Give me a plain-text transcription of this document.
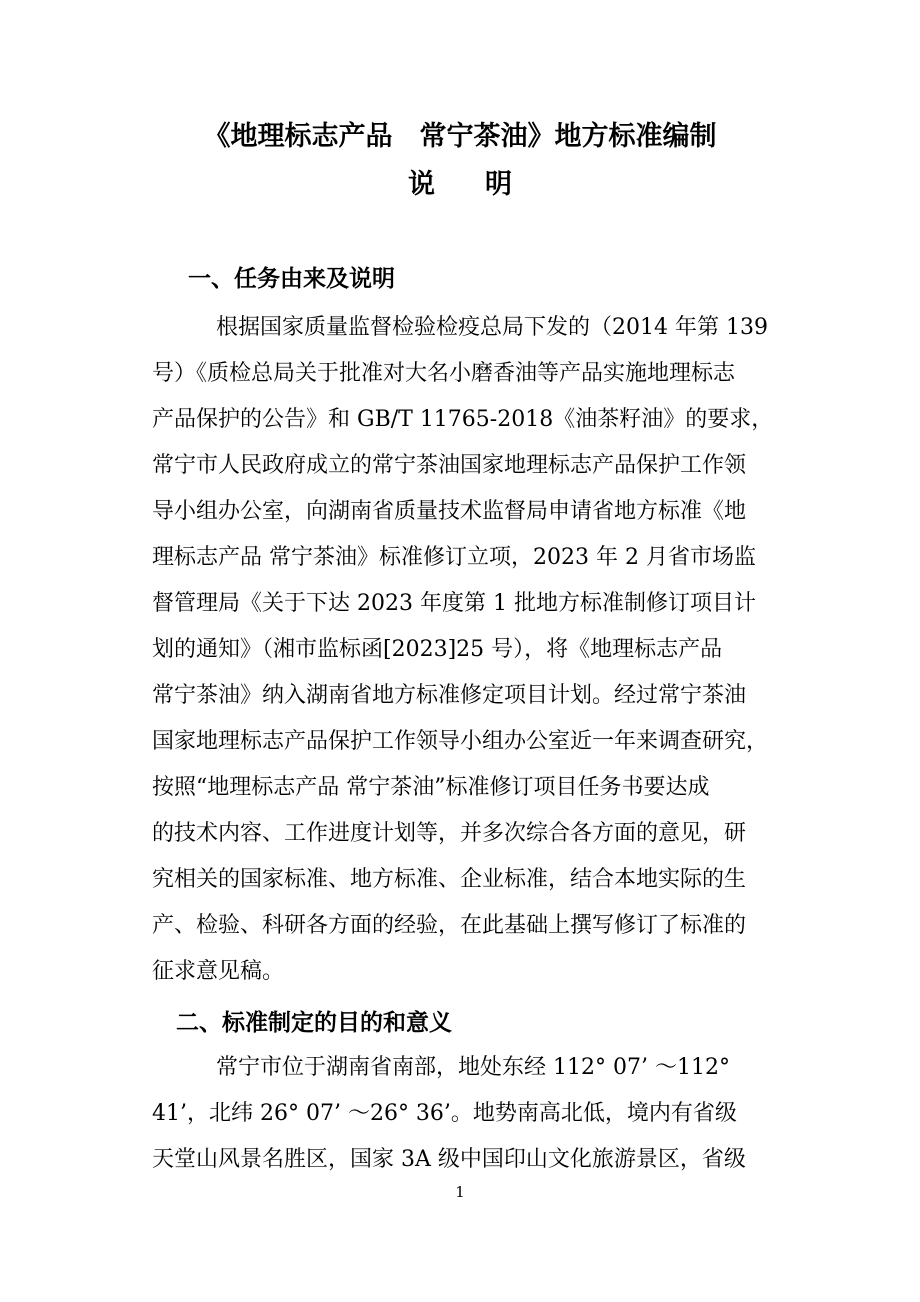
《地理标志产品　常宁茶油》地方标准编制
说 明
一、任务由来及说明
根据国家质量监督检验检疫总局下发的（2014 年第 139
号）《质检总局关于批准对大名小磨香油等产品实施地理标志
产品保护的公告》和 GB/T 11765-2018《油茶籽油》的要求，
常宁市人民政府成立的常宁茶油国家地理标志产品保护工作领
导小组办公室，向湖南省质量技术监督局申请省地方标准《地
理标志产品 常宁茶油》标准修订立项，2023 年 2 月省市场监
督管理局《关于下达 2023 年度第 1 批地方标准制修订项目计
划的通知》（湘市监标函[2023]25 号），将《地理标志产品
常宁茶油》纳入湖南省地方标准修定项目计划。经过常宁茶油
国家地理标志产品保护工作领导小组办公室近一年来调查研究，
按照“地理标志产品 常宁茶油”标准修订项目任务书要达成
的技术内容、工作进度计划等，并多次综合各方面的意见，研
究相关的国家标准、地方标准、企业标准，结合本地实际的生
产、检验、科研各方面的经验，在此基础上撰写修订了标准的
征求意见稿。
二、标准制定的目的和意义
常宁市位于湖南省南部，地处东经 112° 07’ ～112°
41’，北纬 26° 07’ ～26° 36’。地势南高北低，境内有省级
天堂山风景名胜区，国家 3A 级中国印山文化旅游景区，省级
1
